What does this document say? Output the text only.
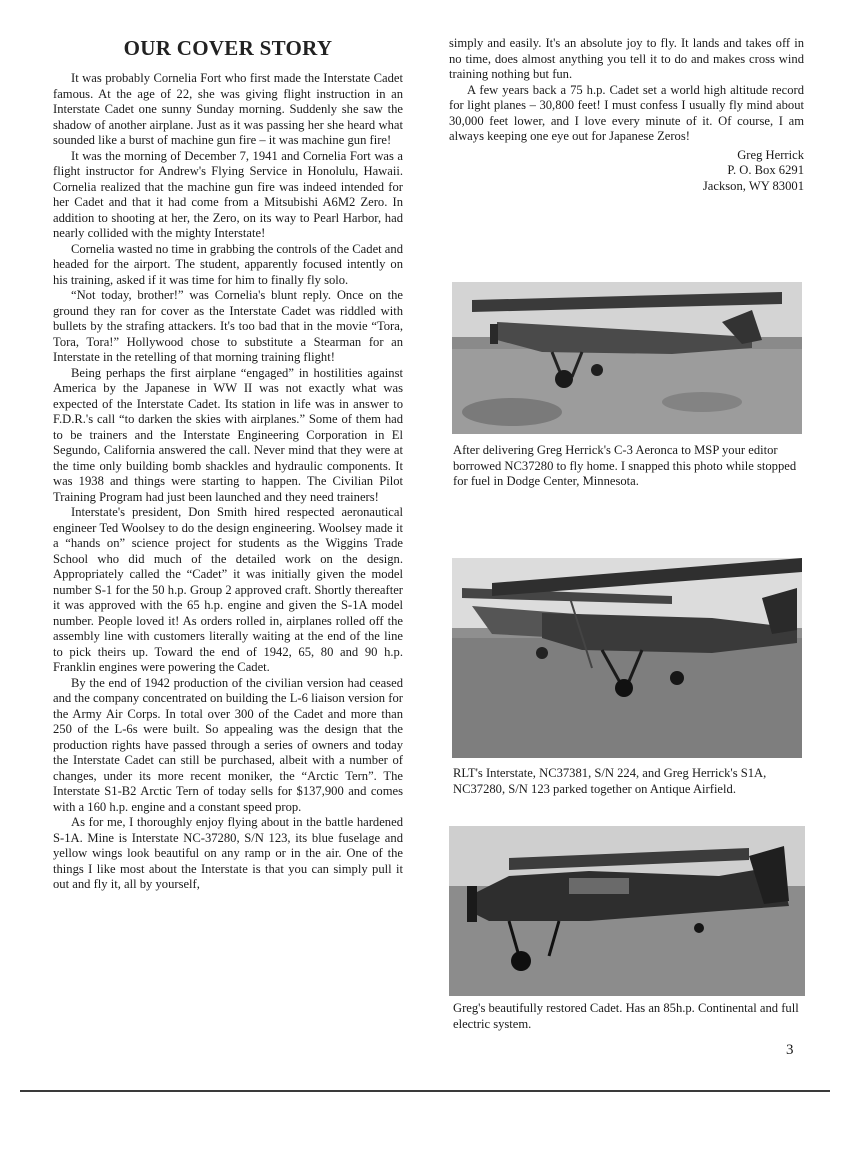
OUR COVER STORY

It was probably Cornelia Fort who first made the Interstate Cadet famous. At the age of 22, she was giving flight instruction in an Interstate Cadet one sunny Sunday morning. Suddenly she saw the shadow of another airplane. Just as it was passing her she heard what sounded like a burst of machine gun fire – it was machine gun fire!

It was the morning of December 7, 1941 and Cornelia Fort was a flight instructor for Andrew's Flying Service in Honolulu, Hawaii. Cornelia realized that the machine gun fire was indeed intended for her Cadet and that it had come from a Mitsubishi A6M2 Zero. In addition to shooting at her, the Zero, on its way to Pearl Harbor, had nearly collided with the mighty Interstate!

Cornelia wasted no time in grabbing the controls of the Cadet and headed for the airport. The student, apparently focused intently on his training, asked if it was time for him to finally fly solo.

“Not today, brother!” was Cornelia's blunt reply. Once on the ground they ran for cover as the Interstate Cadet was riddled with bullets by the strafing attackers. It's too bad that in the movie “Tora, Tora, Tora!” Hollywood chose to substitute a Stearman for an Interstate in the retelling of that morning training flight!

Being perhaps the first airplane “engaged” in hostilities against America by the Japanese in WW II was not exactly what was expected of the Interstate Cadet. Its station in life was in answer to F.D.R.'s call “to darken the skies with airplanes.” Some of them had to be trainers and the Interstate Engineering Corporation in El Segundo, California answered the call. Never mind that they were at the time only building bomb shackles and hydraulic components. It was 1938 and things were starting to happen. The Civilian Pilot Training Program had just been launched and they need trainers!

Interstate's president, Don Smith hired respected aeronautical engineer Ted Woolsey to do the design engineering. Woolsey made it a “hands on” science project for students as the Wiggins Trade School who did much of the detailed work on the design. Appropriately called the “Cadet” it was initially given the model number S-1 for the 50 h.p. Group 2 approved craft. Shortly thereafter it was approved with the 65 h.p. engine and given the S-1A model number. People loved it! As orders rolled in, airplanes rolled off the assembly line with customers literally waiting at the end of the line to pick theirs up. Toward the end of 1942, 65, 80 and 90 h.p. Franklin engines were powering the Cadet.

By the end of 1942 production of the civilian version had ceased and the company concentrated on building the L-6 liaison version for the Army Air Corps. In total over 300 of the Cadet and more than 250 of the L-6s were built. So appealing was the design that the production rights have passed through a series of owners and today the Interstate Cadet can still be purchased, albeit with a number of changes, under its more recent moniker, the “Arctic Tern”. The Interstate S1-B2 Arctic Tern of today sells for $137,900 and comes with a 160 h.p. engine and a constant speed prop.

As for me, I thoroughly enjoy flying about in the battle hardened S-1A. Mine is Interstate NC-37280, S/N 123, its blue fuselage and yellow wings look beautiful on any ramp or in the air. One of the things I like most about the Interstate is that you can simply pull it out and fly it, all by yourself,

simply and easily. It's an absolute joy to fly. It lands and takes off in no time, does almost anything you tell it to do and makes cross wind training nothing but fun.

A few years back a 75 h.p. Cadet set a world high altitude record for light planes – 30,800 feet! I must confess I usually fly mind about 30,000 feet lower, and I love every minute of it. Of course, I am always keeping one eye out for Japanese Zeros!

Greg Herrick
P. O. Box 6291
Jackson, WY 83001
After delivering Greg Herrick's C-3 Aeronca to MSP your editor borrowed NC37280 to fly home. I snapped this photo while stopped for fuel in Dodge Center, Minnesota.
RLT's Interstate, NC37381, S/N 224, and Greg Herrick's S1A, NC37280, S/N 123 parked together on Antique Airfield.
Greg's beautifully restored Cadet. Has an 85h.p. Continental and full electric system.
3
